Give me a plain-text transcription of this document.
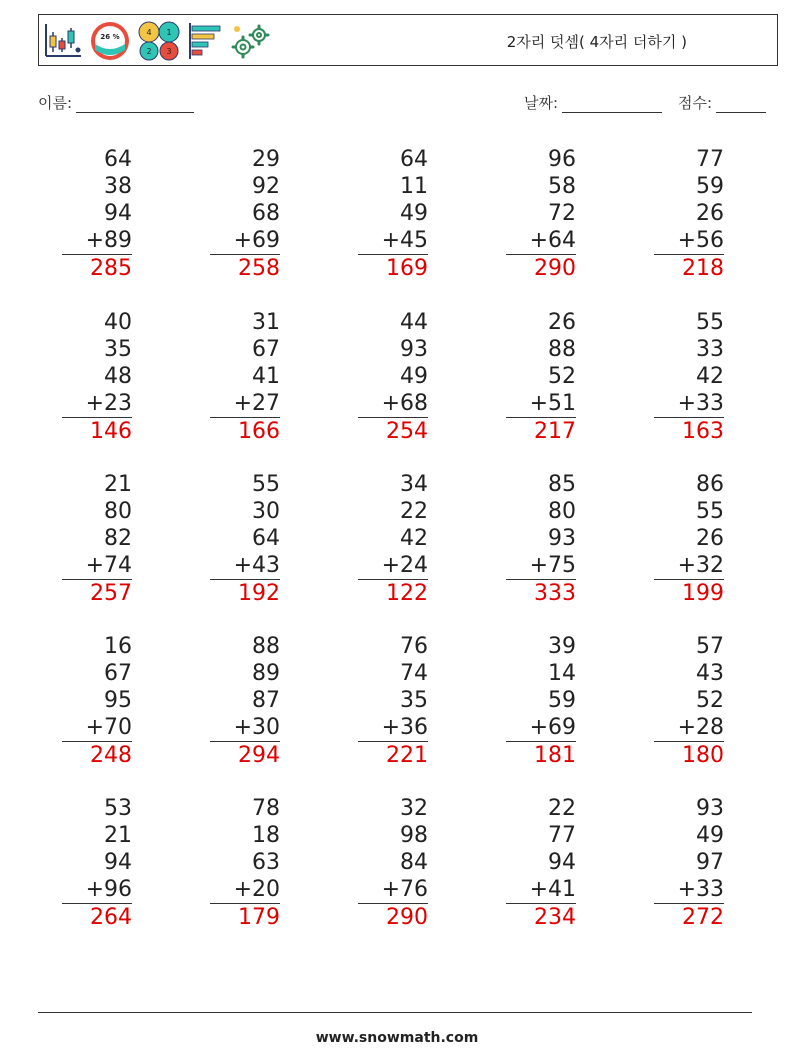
26 %	4 1
2 3
2자리 덧셈( 4자리 더하기 )
이름:	날짜:	점수:
64
38
94
+89
285
29
92
68
+69
258
64
11
49
+45
169
96
58
72
+64
290
77
59
26
+56
218
40
35
48
+23
146
31
67
41
+27
166
44
93
49
+68
254
26
88
52
+51
217
55
33
42
+33
163
21
80
82
+74
257
55
30
64
+43
192
34
22
42
+24
122
85
80
93
+75
333
86
55
26
+32
199
16
67
95
+70
248
88
89
87
+30
294
76
74
35
+36
221
39
14
59
+69
181
57
43
52
+28
180
53
21
94
+96
264
78
18
63
+20
179
32
98
84
+76
290
22
77
94
+41
234
93
49
97
+33
272
www.snowmath.com
